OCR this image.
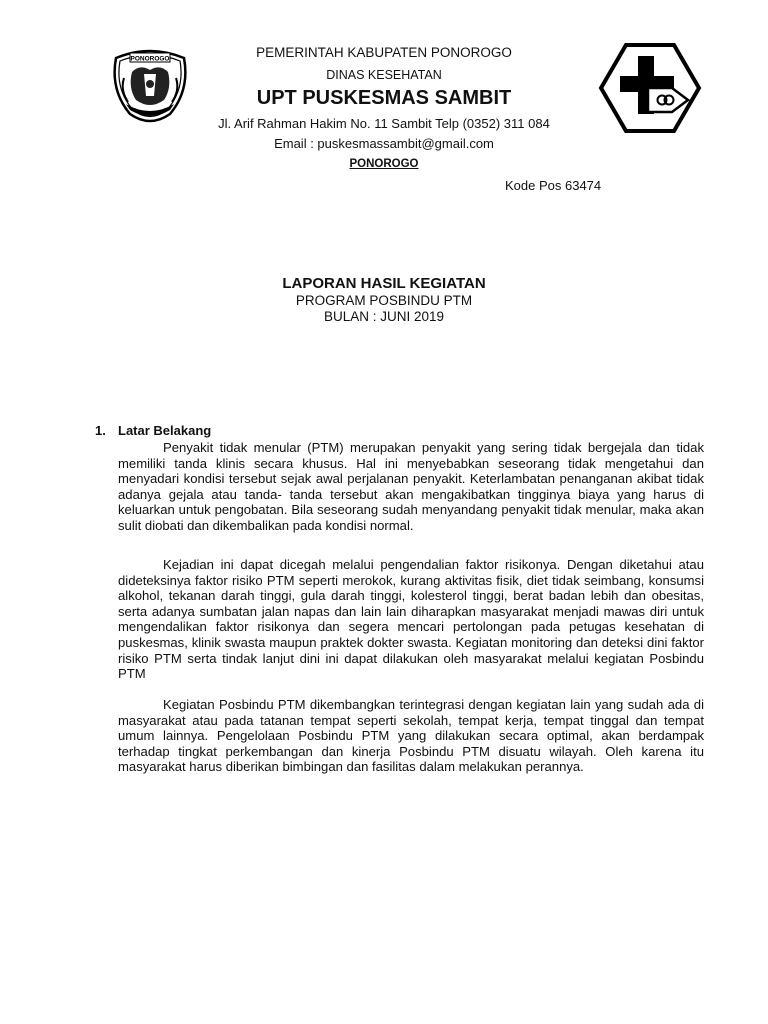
PONOROGO	PEMERINTAH KABUPATEN PONOROGO
DINAS KESEHATAN
UPT PUSKESMAS SAMBIT
Jl. Arif Rahman Hakim No. 11 Sambit Telp (0352) 311 084
Email : puskesmassambit@gmail.com
PONOROGO
Kode Pos 63474
LAPORAN HASIL KEGIATAN
PROGRAM POSBINDU PTM
BULAN : JUNI 2019
1. Latar Belakang

Penyakit tidak menular (PTM) merupakan penyakit yang sering tidak bergejala dan tidak memiliki tanda klinis secara khusus. Hal ini menyebabkan seseorang tidak mengetahui dan menyadari kondisi tersebut sejak awal perjalanan penyakit. Keterlambatan penanganan akibat tidak adanya gejala atau tanda- tanda tersebut akan mengakibatkan tingginya biaya yang harus di keluarkan untuk pengobatan. Bila seseorang sudah menyandang penyakit tidak menular, maka akan sulit diobati dan dikembalikan pada kondisi normal.

Kejadian ini dapat dicegah melalui pengendalian faktor risikonya. Dengan diketahui atau dideteksinya faktor risiko PTM seperti merokok, kurang aktivitas fisik, diet tidak seimbang, konsumsi alkohol, tekanan darah tinggi, gula darah tinggi, kolesterol tinggi, berat badan lebih dan obesitas, serta adanya sumbatan jalan napas dan lain lain diharapkan masyarakat menjadi mawas diri untuk mengendalikan faktor risikonya dan segera mencari pertolongan pada petugas kesehatan di puskesmas, klinik swasta maupun praktek dokter swasta. Kegiatan monitoring dan deteksi dini faktor risiko PTM serta tindak lanjut dini ini dapat dilakukan oleh masyarakat melalui kegiatan Posbindu PTM

Kegiatan Posbindu PTM dikembangkan terintegrasi dengan kegiatan lain yang sudah ada di masyarakat atau pada tatanan tempat seperti sekolah, tempat kerja, tempat tinggal dan tempat umum lainnya. Pengelolaan Posbindu PTM yang dilakukan secara optimal, akan berdampak terhadap tingkat perkembangan dan kinerja Posbindu PTM disuatu wilayah. Oleh karena itu masyarakat harus diberikan bimbingan dan fasilitas dalam melakukan perannya.
